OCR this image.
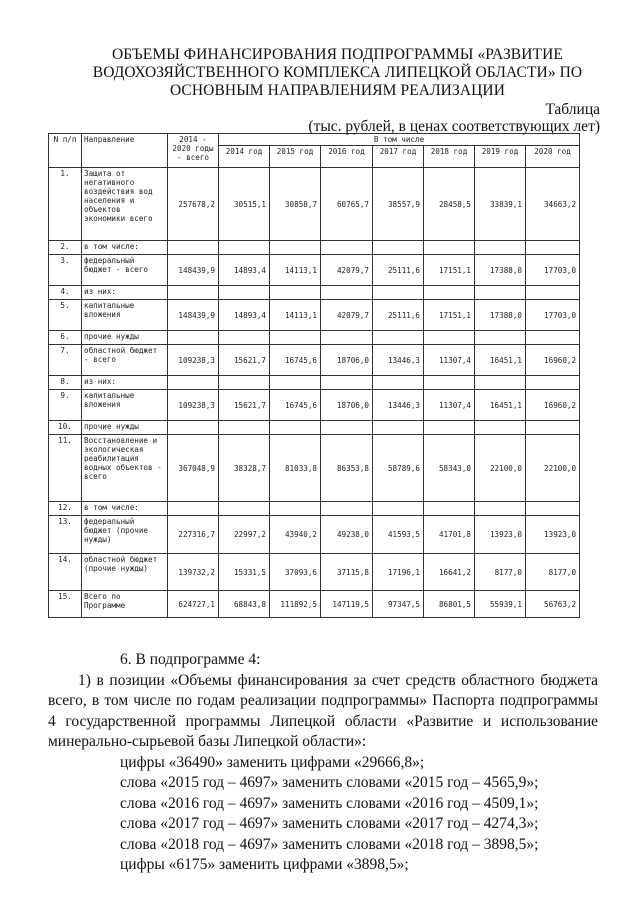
ОБЪЕМЫ ФИНАНСИРОВАНИЯ ПОДПРОГРАММЫ «РАЗВИТИЕ ВОДОХОЗЯЙСТВЕННОГО КОМПЛЕКСА ЛИПЕЦКОЙ ОБЛАСТИ» ПО ОСНОВНЫМ НАПРАВЛЕНИЯМ РЕАЛИЗАЦИИ
Таблица
(тыс. рублей, в ценах соответствующих лет)
N п/п	Направление	2014 - 2020 годы - всего	В том числе						
			2014 год	2015 год	2016 год	2017 год	2018 год	2019 год	2020 год
1.	Защита от негативного воздействия вод населения и объектов экономики всего	257678,2	30515,1	30858,7	60765,7	38557,9	28458,5	33839,1	34663,2
2.	в том числе:								
3.	федеральный бюджет - всего	148439,9	14893,4	14113,1	42079,7	25111,6	17151,1	17388,0	17703,0
4.	из них:								
5.	капитальные вложения	148439,9	14893,4	14113,1	42079,7	25111,6	17151,1	17388,0	17703,0
6.	прочие нужды								
7.	областной бюджет - всего	109238,3	15621,7	16745,6	18706,0	13446,3	11307,4	16451,1	16960,2
8.	из них:								
9.	капитальные вложения	109238,3	15621,7	16745,6	18706,0	13446,3	11307,4	16451,1	16960,2
10.	прочие нужды								
11.	Восстановление и экологическая реабилитация водных объектов - всего	367048,9	38328,7	81033,8	86353,8	58789,6	58343,0	22100,0	22100,0
12.	в том числе:								
13.	федеральный бюджет (прочие нужды)	227316,7	22997,2	43940,2	49238,0	41593,5	41701,8	13923,0	13923,0
14.	областной бюджет (прочие нужды)	139732,2	15331,5	37093,6	37115,8	17196,1	16641,2	8177,0	8177,0
15.	Всего по Программе	624727,1	68843,8	111892,5	147119,5	97347,5	86801,5	55939,1	56763,2

6. В подпрограмме 4:

1) в позиции «Объемы финансирования за счет средств областного бюджета всего, в том числе по годам реализации подпрограммы» Паспорта подпрограммы 4 государственной программы Липецкой области «Развитие и использование минерально-сырьевой базы Липецкой области»:

цифры «36490» заменить цифрами «29666,8»;

слова «2015 год – 4697» заменить словами «2015 год – 4565,9»;

слова «2016 год – 4697» заменить словами «2016 год – 4509,1»;

слова «2017 год – 4697» заменить словами «2017 год – 4274,3»;

слова «2018 год – 4697» заменить словами «2018 год – 3898,5»;

цифры «6175» заменить цифрами «3898,5»;
